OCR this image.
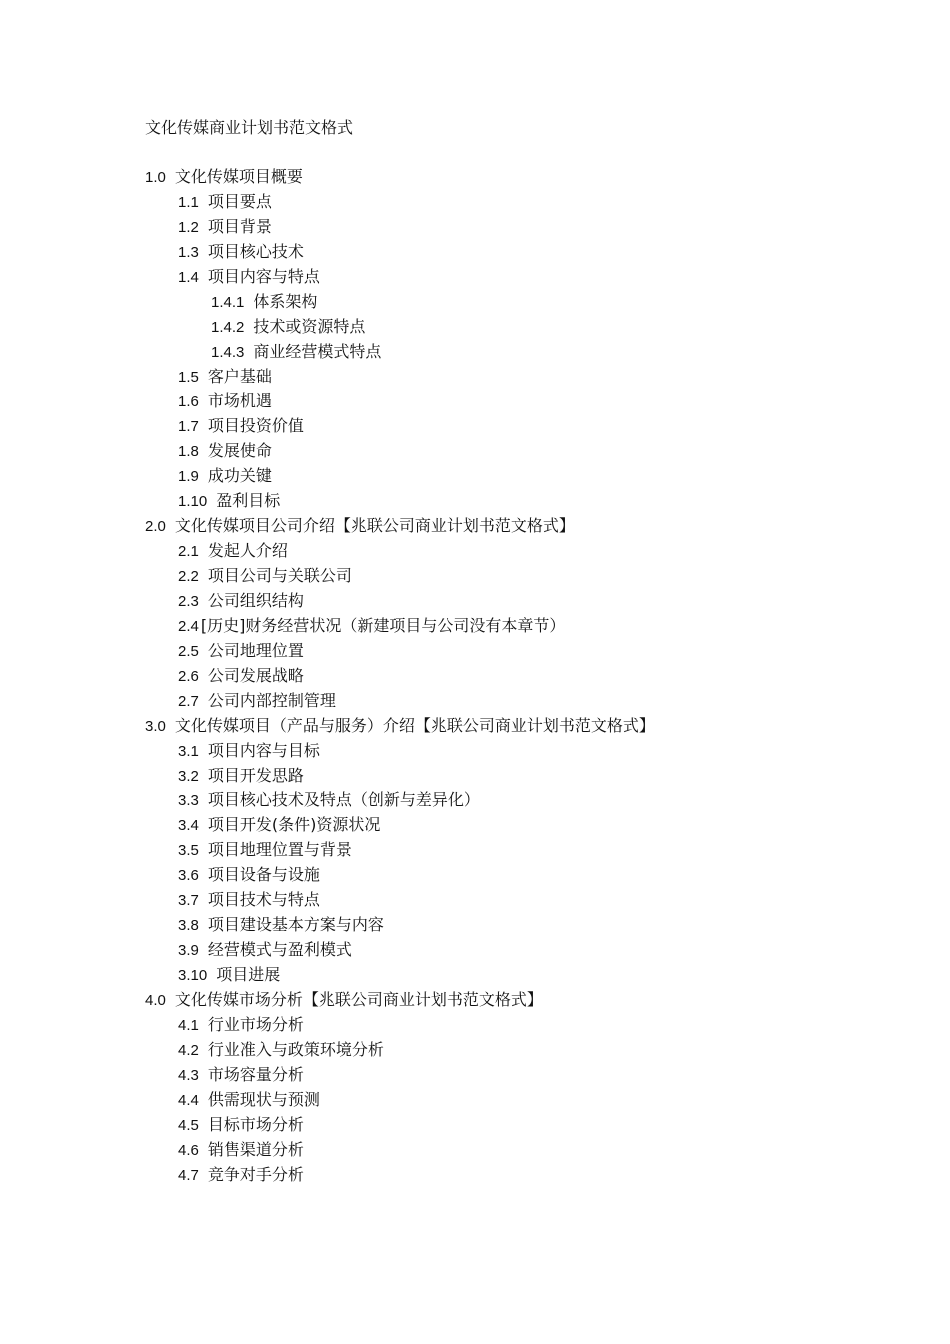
文化传媒商业计划书范文格式
1.0 文化传媒项目概要
1.1 项目要点
1.2 项目背景
1.3 项目核心技术
1.4 项目内容与特点
1.4.1 体系架构
1.4.2 技术或资源特点
1.4.3 商业经营模式特点
1.5 客户基础
1.6 市场机遇
1.7 项目投资价值
1.8 发展使命
1.9 成功关键
1.10 盈利目标
2.0 文化传媒项目公司介绍【兆联公司商业计划书范文格式】
2.1 发起人介绍
2.2 项目公司与关联公司
2.3 公司组织结构
2.4 [历史]财务经营状况（新建项目与公司没有本章节）
2.5 公司地理位置
2.6 公司发展战略
2.7 公司内部控制管理
3.0 文化传媒项目（产品与服务）介绍【兆联公司商业计划书范文格式】
3.1 项目内容与目标
3.2 项目开发思路
3.3 项目核心技术及特点（创新与差异化）
3.4 项目开发(条件)资源状况
3.5 项目地理位置与背景
3.6 项目设备与设施
3.7 项目技术与特点
3.8 项目建设基本方案与内容
3.9 经营模式与盈利模式
3.10 项目进展
4.0 文化传媒市场分析【兆联公司商业计划书范文格式】
4.1 行业市场分析
4.2 行业准入与政策环境分析
4.3 市场容量分析
4.4 供需现状与预测
4.5 目标市场分析
4.6 销售渠道分析
4.7 竞争对手分析
